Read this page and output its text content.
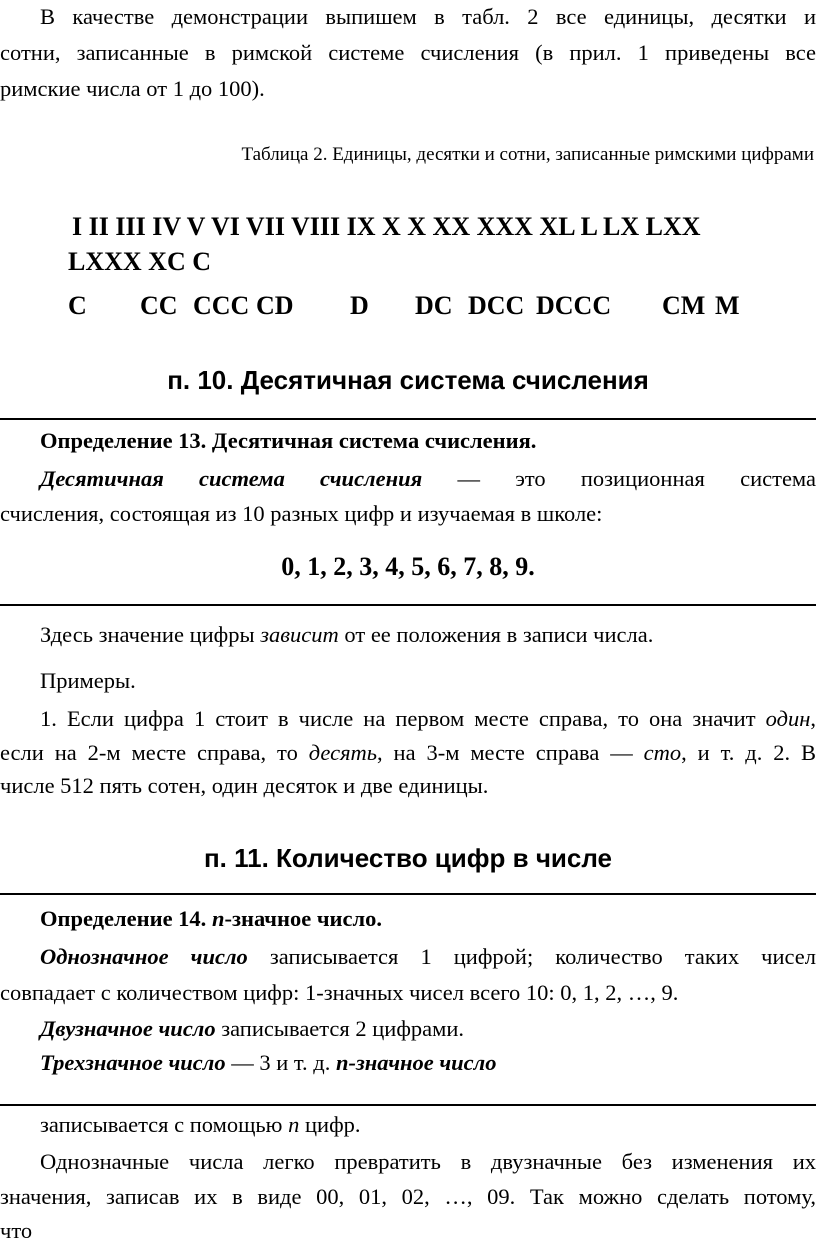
В качестве демонстрации выпишем в табл. 2 все единицы, десятки и
сотни, записанные в римской системе счисления (в прил. 1 приведены все
римские числа от 1 до 100).
Таблица 2. Единицы, десятки и сотни, записанные римскими цифрами
I II III IV V VI VII VIII IX X X XX XXX XL L LX LXX
LXXX XC C
C CC CCC CD D DC DCC DCCC CM M
п. 10. Десятичная система счисления
Определение 13. Десятичная система счисления.
Десятичная система счисления — это позиционная система
счисления, состоящая из 10 разных цифр и изучаемая в школе:
0, 1, 2, 3, 4, 5, 6, 7, 8, 9.
Здесь значение цифры зависит от ее положения в записи числа.
Примеры.
1. Если цифра 1 стоит в числе на первом месте справа, то она значит один,
если на 2-м месте справа, то десять, на 3-м месте справа — сто, и т. д. 2. В
числе 512 пять сотен, один десяток и две единицы.
п. 11. Количество цифр в числе
Определение 14. n-значное число.
Однозначное число записывается 1 цифрой; количество таких чисел
совпадает с количеством цифр: 1-значных чисел всего 10: 0, 1, 2, …, 9.
Двузначное число записывается 2 цифрами.
Трехзначное число — 3 и т. д. n-значное число
записывается с помощью n цифр.
Однозначные числа легко превратить в двузначные без изменения их
значения, записав их в виде 00, 01, 02, …, 09. Так можно сделать потому,
что
